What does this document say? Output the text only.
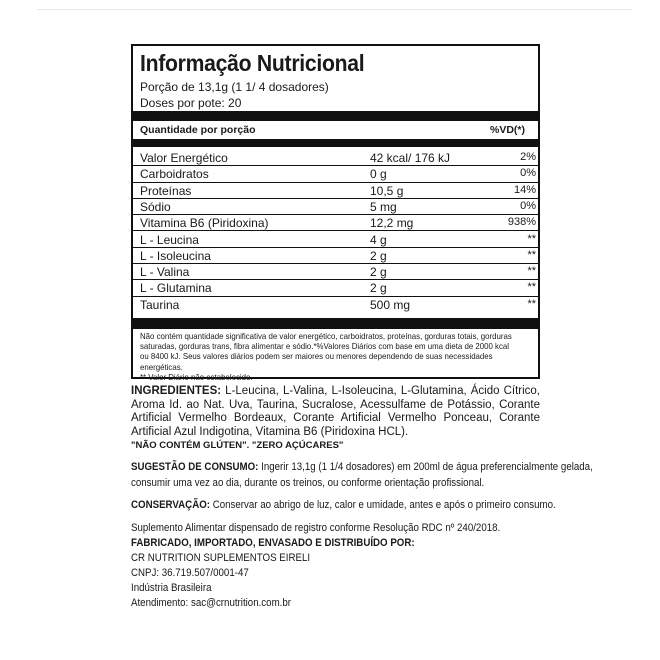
Informação Nutricional
Porção de 13,1g (1 1/ 4 dosadores)
Doses por pote: 20
Quantidade por porção	%VD(*)
Valor Energético	42 kcal/ 176 kJ	2%
Carboidratos	0 g	0%
Proteínas	10,5 g	14%
Sódio	5 mg	0%
Vitamina B6 (Piridoxina)	12,2 mg	938%
L - Leucina	4 g	**
L - Isoleucina	2 g	**
L - Valina	2 g	**
L - Glutamina	2 g	**
Taurina	500 mg	**
Não contém quantidade significativa de valor energético, carboidratos, proteínas, gorduras totais, gorduras saturadas, gorduras trans, fibra alimentar e sódio.*%Valores Diários com base em uma dieta de 2000 kcal ou 8400 kJ. Seus valores diários podem ser maiores ou menores dependendo de suas necessidades energéticas.
** Valor Diário não estabelecido.
INGREDIENTES: L-Leucina, L-Valina, L-Isoleucina, L-Glutamina, Ácido Cítrico, Aroma Id. ao Nat. Uva, Taurina, Sucralose, Acessulfame de Potássio, Corante Artificial Vermelho Bordeaux, Corante Artificial Vermelho Ponceau, Corante Artificial Azul Indigotina, Vitamina B6 (Piridoxina HCL).
"NÃO CONTÉM GLÚTEN". "ZERO AÇÚCARES"
SUGESTÃO DE CONSUMO: Ingerir 13,1g (1 1/4 dosadores) em 200ml de água preferencialmente gelada,
consumir uma vez ao dia, durante os treinos, ou conforme orientação profissional.
CONSERVAÇÃO: Conservar ao abrigo de luz, calor e umidade, antes e após o primeiro consumo.
Suplemento Alimentar dispensado de registro conforme Resolução RDC nº 240/2018.
FABRICADO, IMPORTADO, ENVASADO E DISTRIBUÍDO POR:
CR NUTRITION SUPLEMENTOS EIRELI
CNPJ: 36.719.507/0001-47
Indústria Brasileira
Atendimento: sac@crnutrition.com.br
